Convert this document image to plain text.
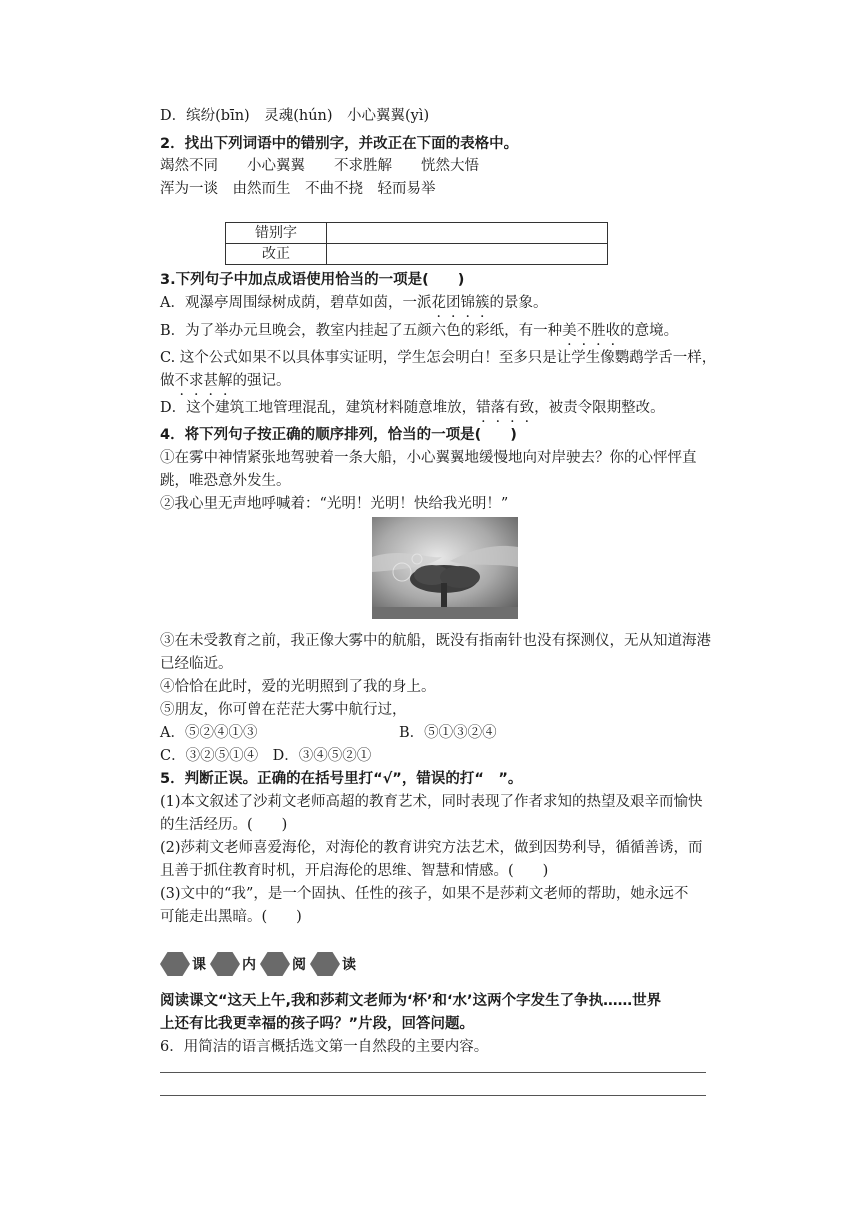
D．缤纷(bīn)　灵魂(hún)　小心翼翼(yì)
2．找出下列词语中的错别字，并改正在下面的表格中。
竭然不同　　小心翼翼　　不求胜解　　恍然大悟
浑为一谈　由然而生　不曲不挠　轻而易举
错别字	
改正	
3.下列句子中加点成语使用恰当的一项是(　　)
A．观瀑亭周围绿树成荫，碧草如茵，一派花团锦簇的景象。
B．为了举办元旦晚会，教室内挂起了五颜六色的彩纸，有一种美不胜收的意境。
C. 这个公式如果不以具体事实证明，学生怎会明白！至多只是让学生像鹦鹉学舌一样，
做不求甚解的强记。
D．这个建筑工地管理混乱，建筑材料随意堆放，错落有致，被责令限期整改。
4．将下列句子按正确的顺序排列，恰当的一项是(　　)
①在雾中神情紧张地驾驶着一条大船，小心翼翼地缓慢地向对岸驶去？你的心怦怦直
跳，唯恐意外发生。
②我心里无声地呼喊着：“光明！光明！快给我光明！”
③在未受教育之前，我正像大雾中的航船，既没有指南针也没有探测仪，无从知道海港
已经临近。
④恰恰在此时，爱的光明照到了我的身上。
⑤朋友，你可曾在茫茫大雾中航行过，
A．⑤②④①③	B．⑤①③②④
C．③②⑤①④　D．③④⑤②①
5．判断正误。正确的在括号里打“√”，错误的打“　”。
(1)本文叙述了沙莉文老师高超的教育艺术，同时表现了作者求知的热望及艰辛而愉快
的生活经历。(　　)
(2)莎莉文老师喜爱海伦，对海伦的教育讲究方法艺术，做到因势利导，循循善诱，而
且善于抓住教育时机，开启海伦的思维、智慧和情感。(　　)
(3)文中的“我”，是一个固执、任性的孩子，如果不是莎莉文老师的帮助，她永远不
可能走出黑暗。(　　)
课	内	阅	读
阅读课文“这天上午,我和莎莉文老师为‘杯’和‘水’这两个字发生了争执……世界
上还有比我更幸福的孩子吗？”片段，回答问题。
6．用简洁的语言概括选文第一自然段的主要内容。
